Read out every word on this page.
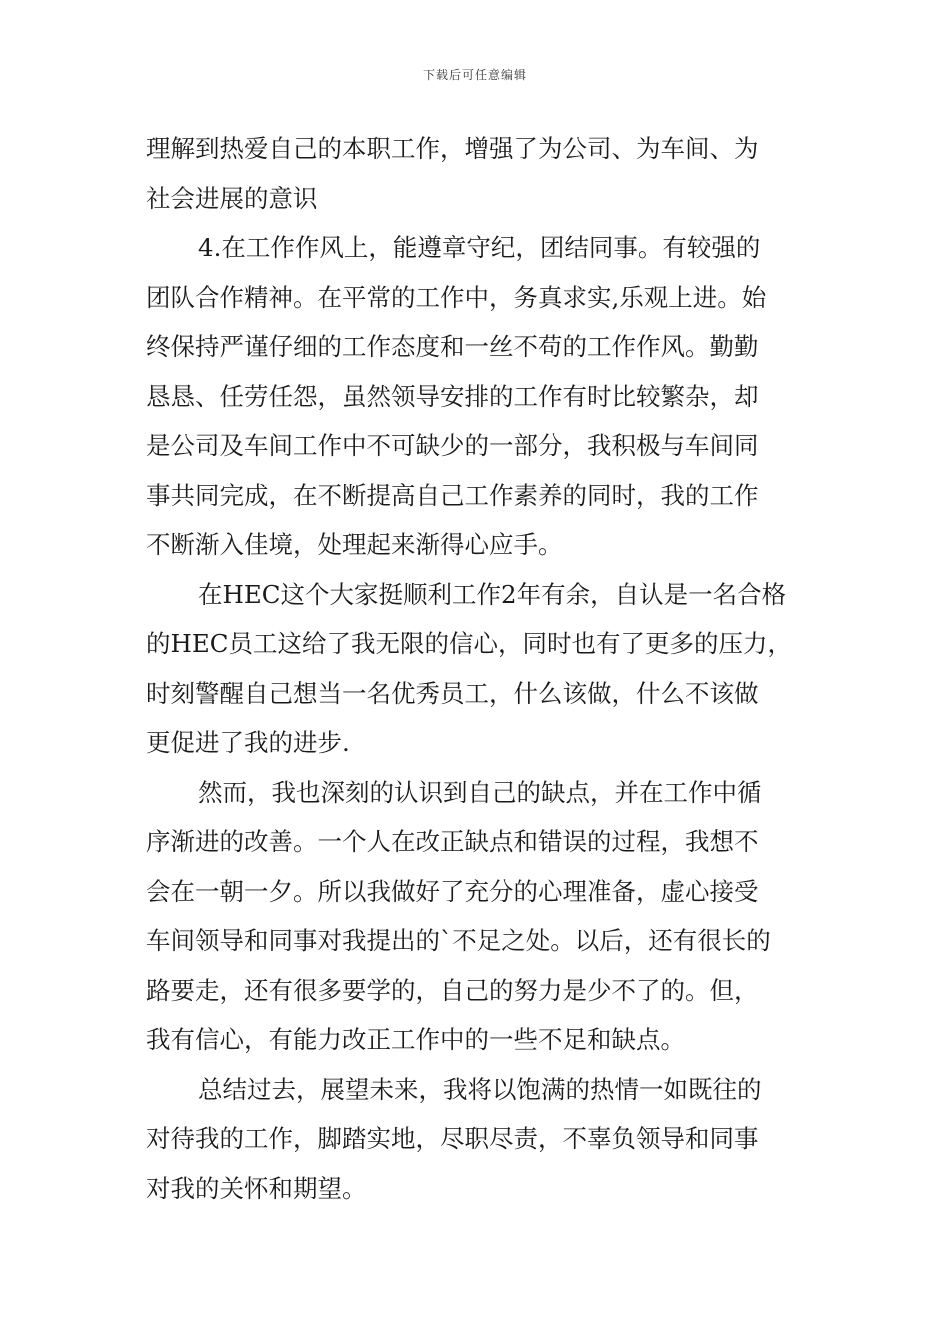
下载后可任意编辑
理解到热爱自己的本职工作，增强了为公司、为车间、为
社会进展的意识
4.在工作作风上，能遵章守纪，团结同事。有较强的
团队合作精神。在平常的工作中，务真求实,乐观上进。始
终保持严谨仔细的工作态度和一丝不苟的工作作风。勤勤
恳恳、任劳任怨，虽然领导安排的工作有时比较繁杂，却
是公司及车间工作中不可缺少的一部分，我积极与车间同
事共同完成，在不断提高自己工作素养的同时，我的工作
不断渐入佳境，处理起来渐得心应手。
在HEC这个大家挺顺利工作2年有余，自认是一名合格
的HEC员工这给了我无限的信心，同时也有了更多的压力，
时刻警醒自己想当一名优秀员工，什么该做，什么不该做
更促进了我的进步.
然而，我也深刻的认识到自己的缺点，并在工作中循
序渐进的改善。一个人在改正缺点和错误的过程，我想不
会在一朝一夕。所以我做好了充分的心理准备，虚心接受
车间领导和同事对我提出的`不足之处。以后，还有很长的
路要走，还有很多要学的，自己的努力是少不了的。但，
我有信心，有能力改正工作中的一些不足和缺点。
总结过去，展望未来，我将以饱满的热情一如既往的
对待我的工作，脚踏实地，尽职尽责，不辜负领导和同事
对我的关怀和期望。
